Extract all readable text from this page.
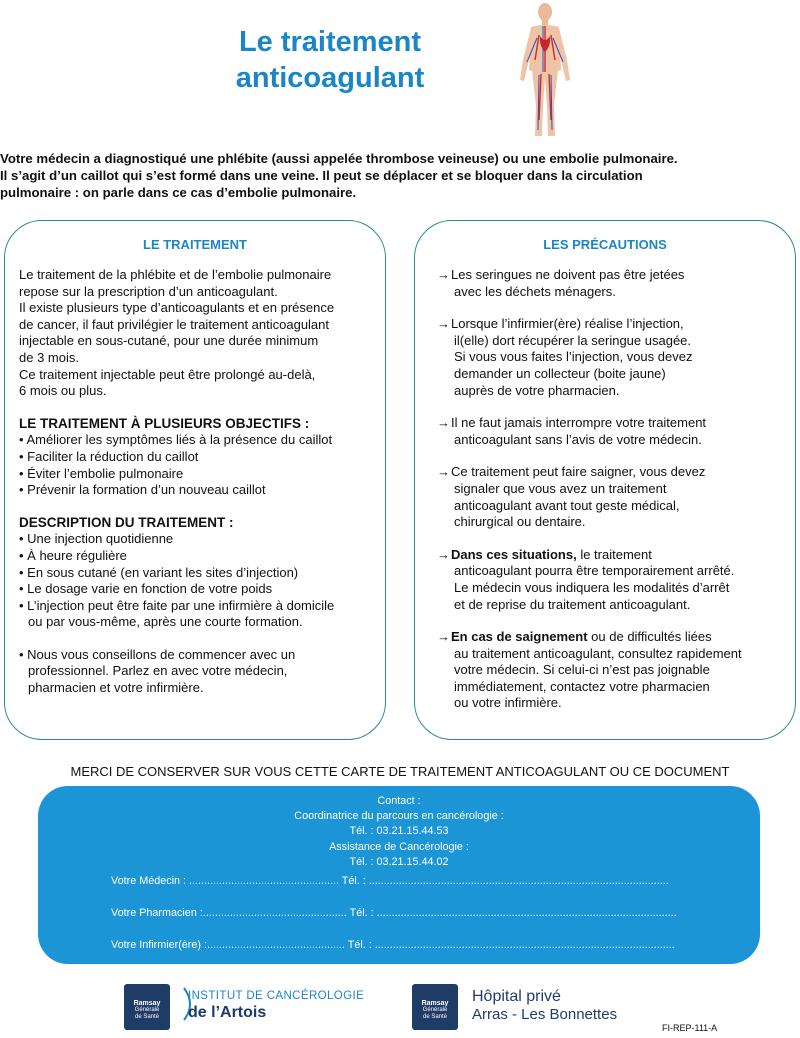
Le traitement
anticoagulant

Votre médecin a diagnostiqué une phlébite (aussi appelée thrombose veineuse) ou une embolie pulmonaire.

Il s’agit d’un caillot qui s’est formé dans une veine. Il peut se déplacer et se bloquer dans la circulation

pulmonaire : on parle dans ce cas d’embolie pulmonaire.

LE TRAITEMENT

Le traitement de la phlébite et de l’embolie pulmonaire

repose sur la prescription d’un anticoagulant.

Il existe plusieurs type d’anticoagulants et en présence

de cancer, il faut privilégier le traitement anticoagulant

injectable en sous-cutané, pour une durée minimum

de 3 mois.

Ce traitement injectable peut être prolongé au-delà,

6 mois ou plus.

LE TRAITEMENT À PLUSIEURS OBJECTIFS :

• Améliorer les symptômes liés à la présence du caillot

• Faciliter la réduction du caillot

• Éviter l’embolie pulmonaire

• Prévenir la formation d’un nouveau caillot

DESCRIPTION DU TRAITEMENT :

• Une injection quotidienne

• À heure régulière

• En sous cutané (en variant les sites d’injection)

• Le dosage varie en fonction de votre poids

• L’injection peut être faite par une infirmière à domicile

ou par vous-même, après une courte formation.

• Nous vous conseillons de commencer avec un

professionnel. Parlez en avec votre médecin,

pharmacien et votre infirmière.

LES PRÉCAUTIONS

→Les seringues ne doivent pas être jetées

avec les déchets ménagers.

→Lorsque l’infirmier(ère) réalise l’injection,

il(elle) dort récupérer la seringue usagée.

Si vous vous faites l’injection, vous devez

demander un collecteur (boite jaune)

auprès de votre pharmacien.

→Il ne faut jamais interrompre votre traitement

anticoagulant sans l’avis de votre médecin.

→Ce traitement peut faire saigner, vous devez

signaler que vous avez un traitement

anticoagulant avant tout geste médical,

chirurgical ou dentaire.

→Dans ces situations, le traitement

anticoagulant pourra être temporairement arrêté.

Le médecin vous indiquera les modalités d’arrêt

et de reprise du traitement anticoagulant.

→En cas de saignement ou de difficultés liées

au traitement anticoagulant, consultez rapidement

votre médecin. Si celui-ci n’est pas joignable

immédiatement, contactez votre pharmacien

ou votre infirmière.

MERCI DE CONSERVER SUR VOUS CETTE CARTE DE TRAITEMENT ANTICOAGULANT OU CE DOCUMENT
Contact :
Coordinatrice du parcours en cancérologie :
Tél. : 03.21.15.44.53
Assistance de Cancérologie :
Tél. : 03.21.15.44.02
Votre Médecin : .................................................. Tél. : ....................................................................................................
Votre Pharmacien :................................................ Tél. : ....................................................................................................
Votre Infirmier(ère) :.............................................. Tél. : ....................................................................................................
Ramsay
Générale
de Santé
INSTITUT DE CANCÉROLOGIE
de l’Artois
Ramsay
Générale
de Santé
Hôpital privé
Arras - Les Bonnettes
FI-REP-111-A
